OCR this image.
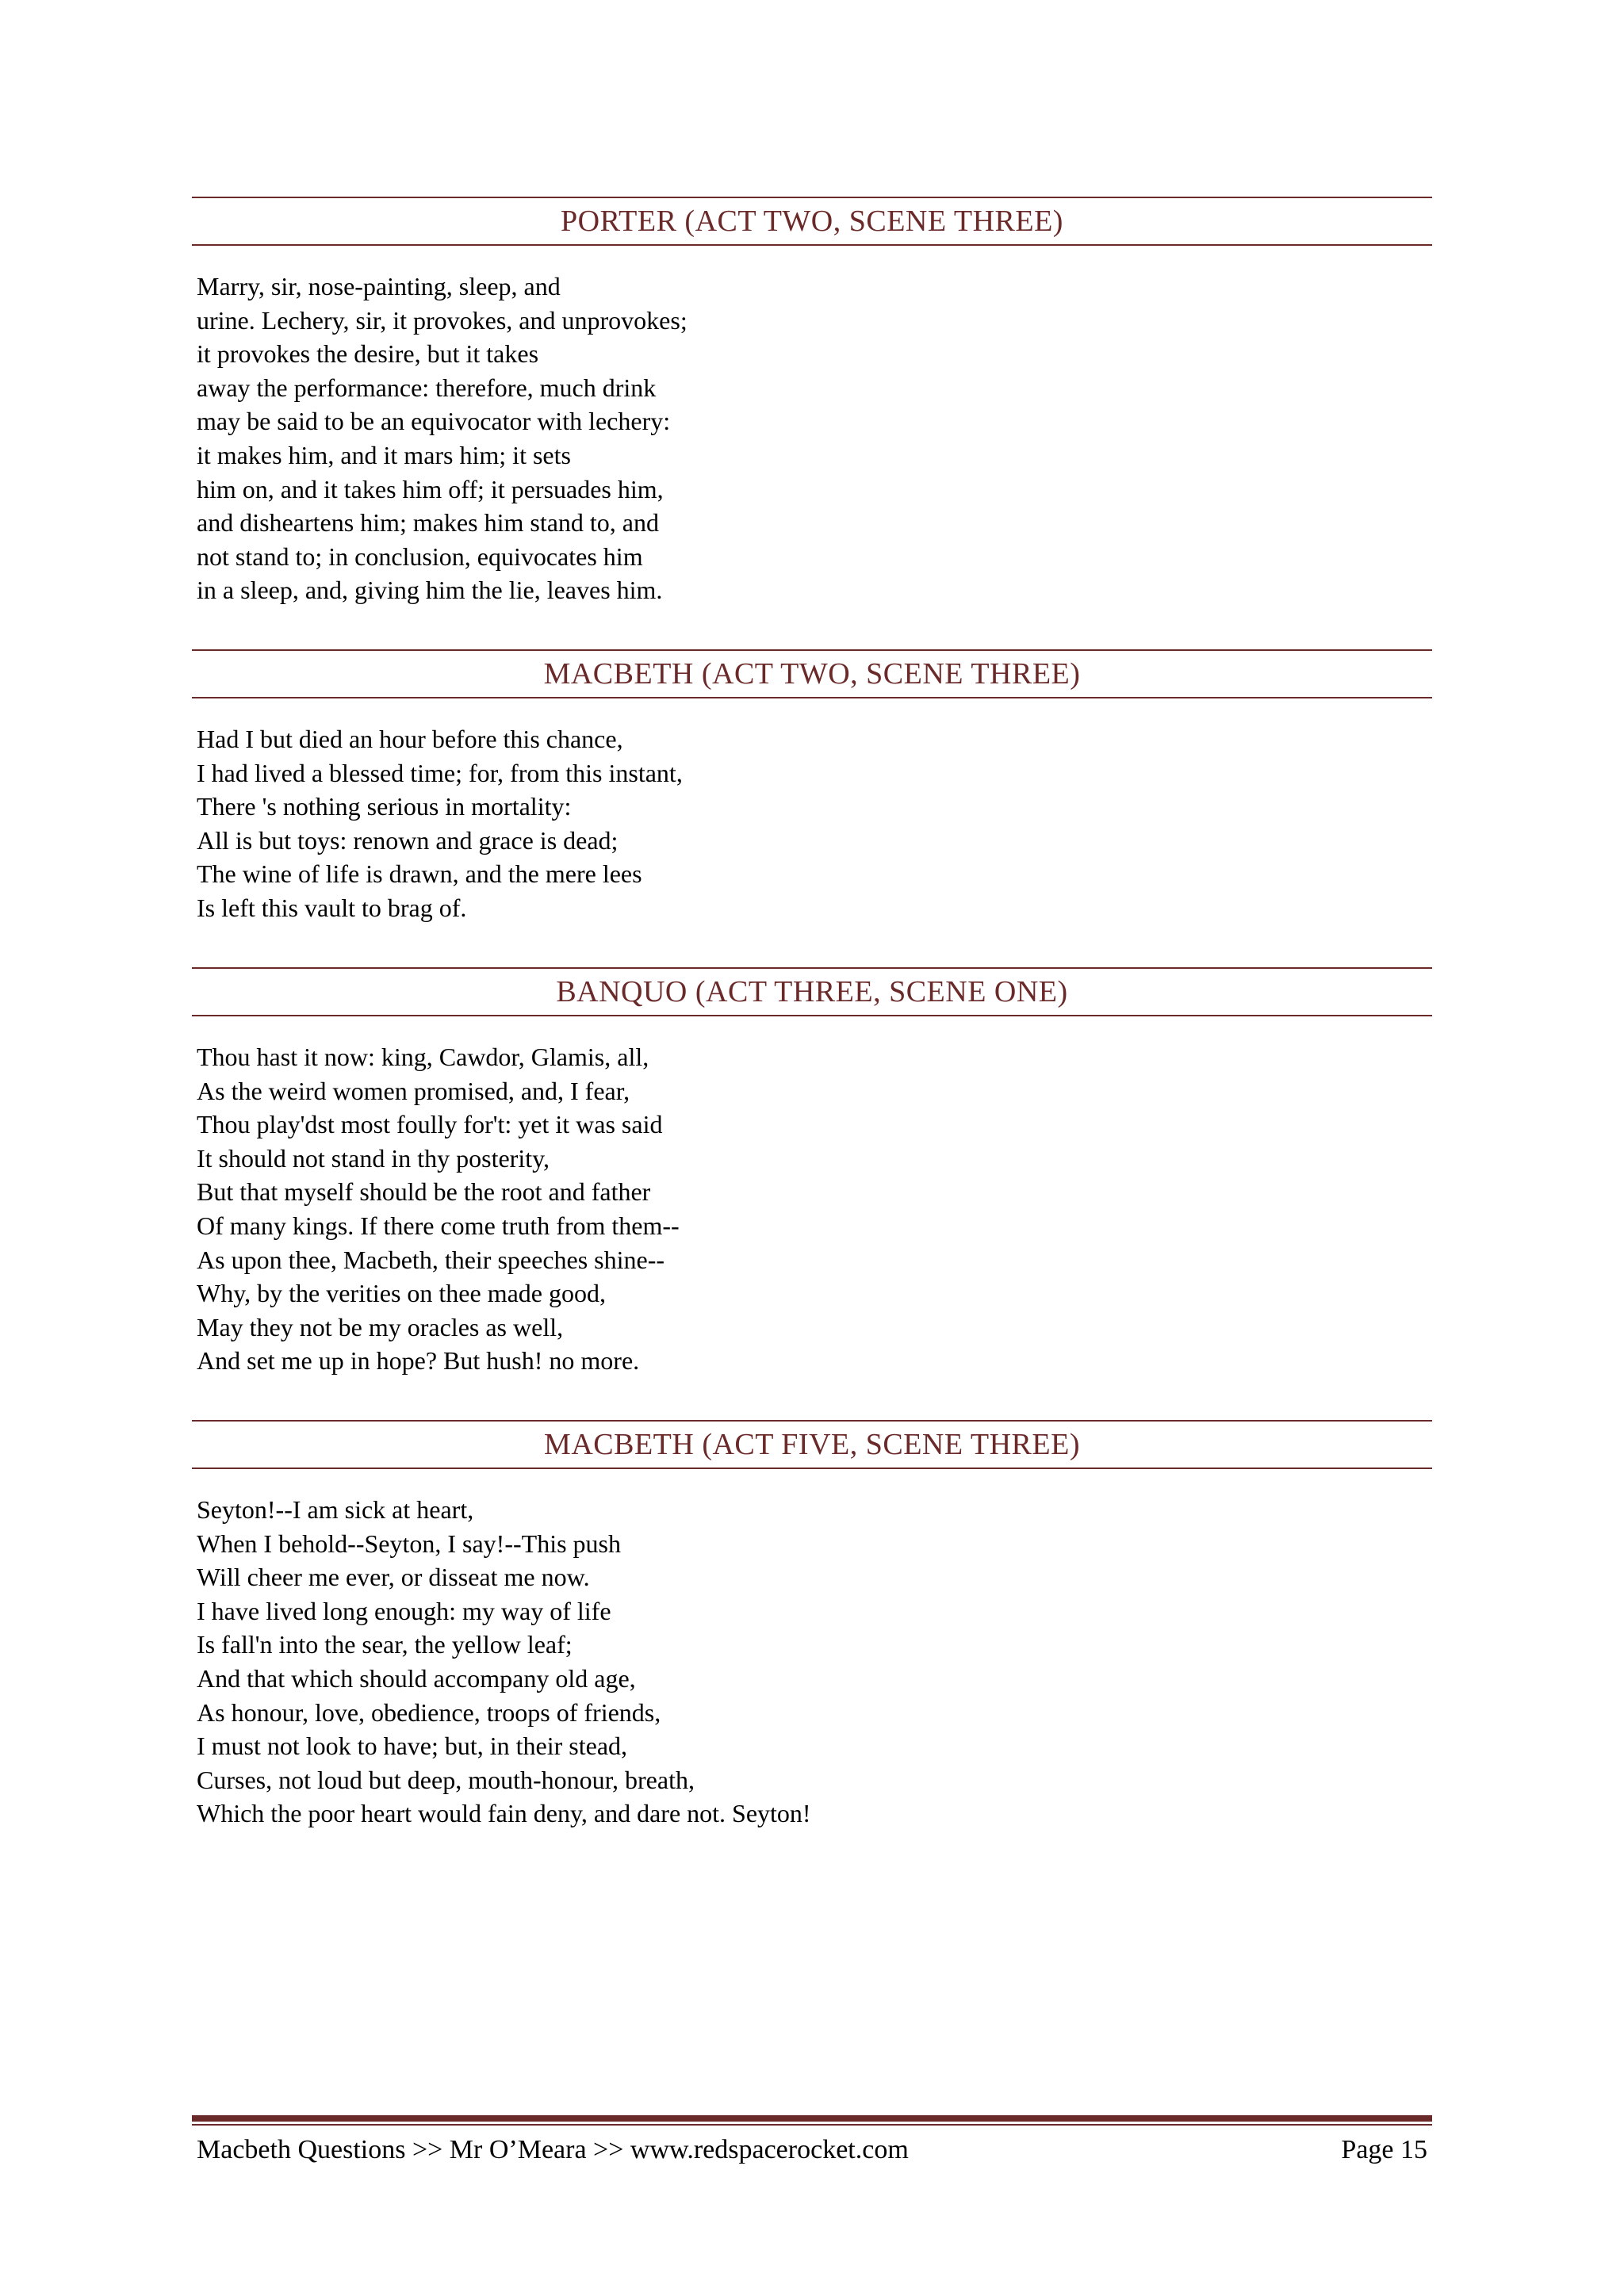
PORTER (ACT TWO, SCENE THREE)
Marry, sir, nose-painting, sleep, and
urine. Lechery, sir, it provokes, and unprovokes;
it provokes the desire, but it takes
away the performance: therefore, much drink
may be said to be an equivocator with lechery:
it makes him, and it mars him; it sets
him on, and it takes him off; it persuades him,
and disheartens him; makes him stand to, and
not stand to; in conclusion, equivocates him
in a sleep, and, giving him the lie, leaves him.
MACBETH (ACT TWO, SCENE THREE)
Had I but died an hour before this chance,
I had lived a blessed time; for, from this instant,
There 's nothing serious in mortality:
All is but toys: renown and grace is dead;
The wine of life is drawn, and the mere lees
Is left this vault to brag of.
BANQUO (ACT THREE, SCENE ONE)
Thou hast it now: king, Cawdor, Glamis, all,
As the weird women promised, and, I fear,
Thou play'dst most foully for't: yet it was said
It should not stand in thy posterity,
But that myself should be the root and father
Of many kings. If there come truth from them--
As upon thee, Macbeth, their speeches shine--
Why, by the verities on thee made good,
May they not be my oracles as well,
And set me up in hope? But hush! no more.
MACBETH (ACT FIVE, SCENE THREE)
Seyton!--I am sick at heart,
When I behold--Seyton, I say!--This push
Will cheer me ever, or disseat me now.
I have lived long enough: my way of life
Is fall'n into the sear, the yellow leaf;
And that which should accompany old age,
As honour, love, obedience, troops of friends,
I must not look to have; but, in their stead,
Curses, not loud but deep, mouth-honour, breath,
Which the poor heart would fain deny, and dare not. Seyton!
Macbeth Questions >> Mr O’Meara >> www.redspacerocket.com	Page 15
